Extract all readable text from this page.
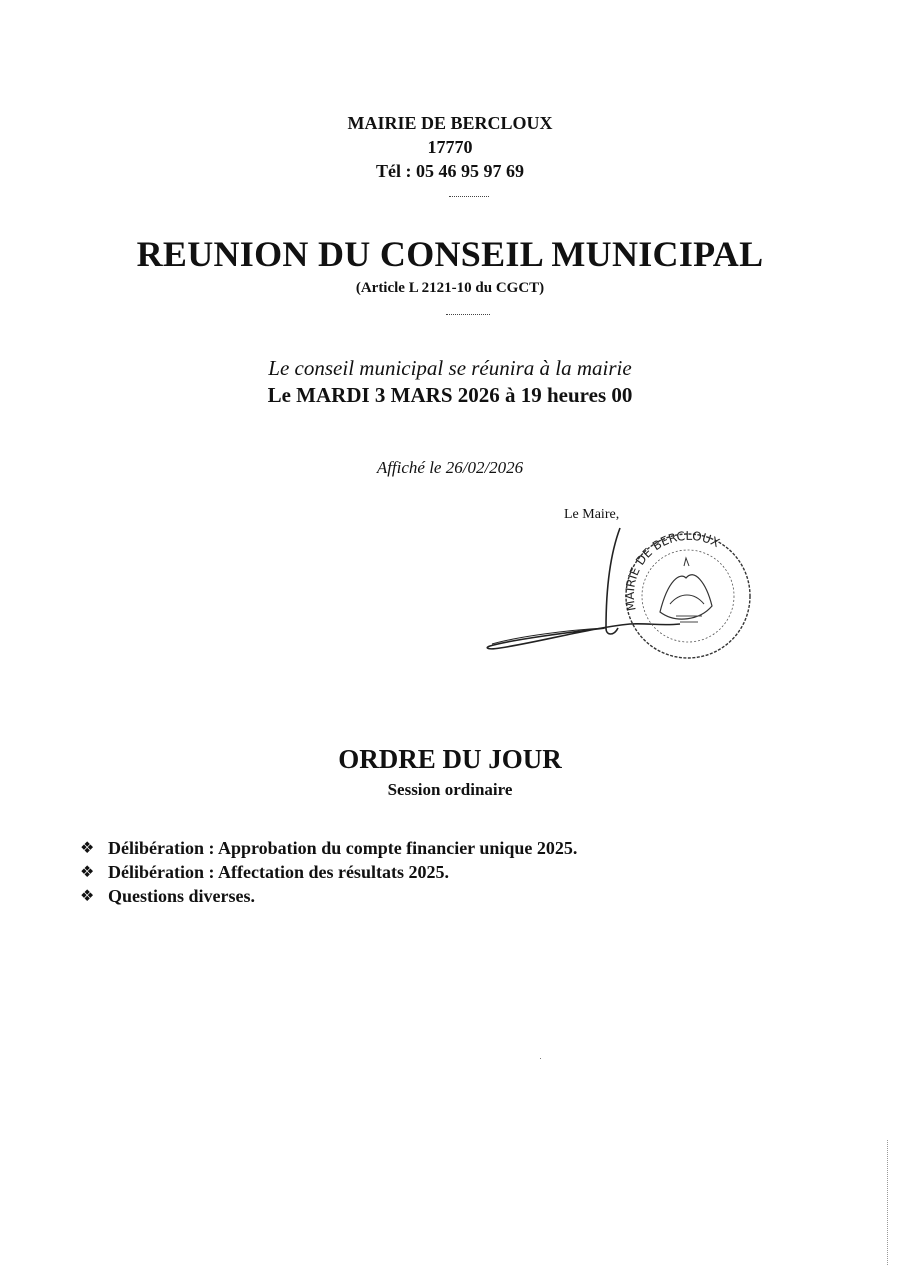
MAIRIE DE BERCLOUX
17770
Tél : 05 46 95 97 69
REUNION DU CONSEIL MUNICIPAL
(Article L 2121-10 du CGCT)
Le conseil municipal se réunira à la mairie
Le MARDI 3 MARS 2026 à 19 heures 00
Affiché le 26/02/2026
Le Maire,
MAIRIE DE BERCLOUX
ORDRE DU JOUR
Session ordinaire
❖ Délibération : Approbation du compte financier unique 2025.
❖ Délibération : Affectation des résultats 2025.
❖ Questions diverses.
